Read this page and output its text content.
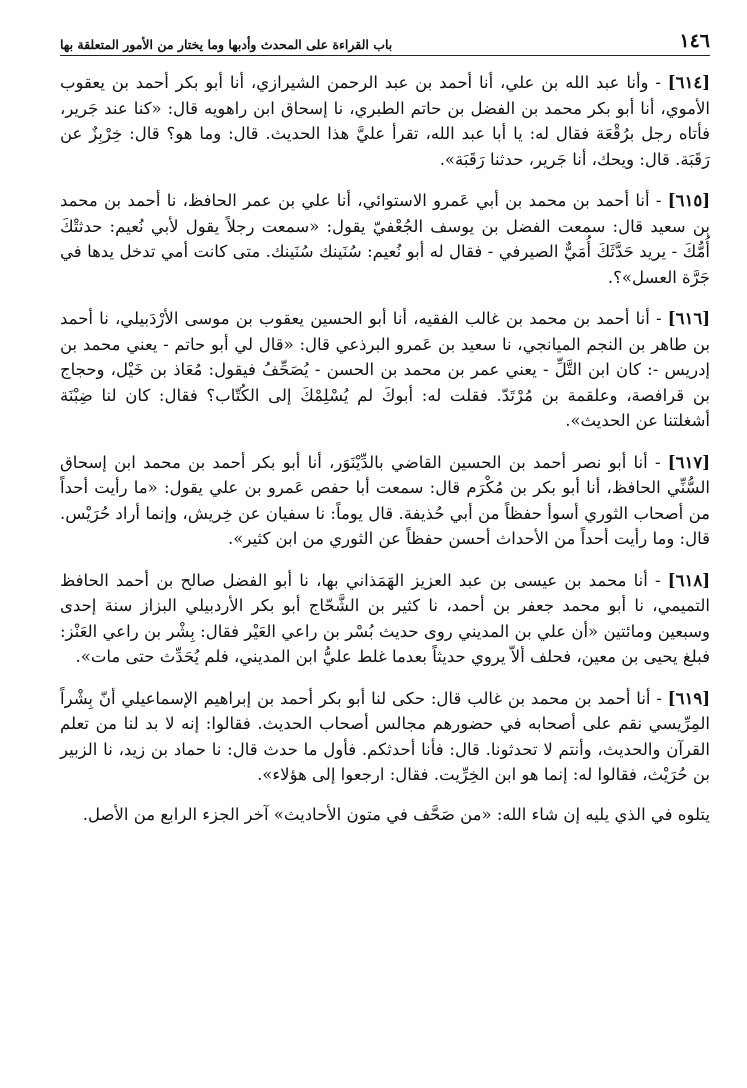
١٤٦
باب القراءة على المحدث وأدبها وما يختار من الأمور المتعلقة بها

[٦١٤] - وأنا عبد الله بن علي، أنا أحمد بن عبد الرحمن الشيرازي، أنا أبو بكر أحمد بن يعقوب الأموي، أنا أبو بكر محمد بن الفضل بن حاتم الطبري، نا إسحاق ابن راهويه قال: «كنا عند جَرير، فأتاه رجل برُقْعَة فقال له: يا أبا عبد الله، تقرأ عليَّ هذا الحديث. قال: وما هو؟ قال: خِرْبِزٌ عن رَقَبَة. قال: ويحك، أنا جَرير، حدثنا رَقَبَة».

[٦١٥] - أنا أحمد بن محمد بن أبي عَمرو الاستوائي، أنا علي بن عمر الحافظ، نا أحمد بن محمد بن سعيد قال: سمعت الفضل بن يوسف الجُعْفيّ يقول: «سمعت رجلاً يقول لأبي نُعيم: حدثتْكَ أُمُّكَ - يريد حَدَّثَكَ أُمَيٌّ الصيرفي - فقال له أبو نُعيم: سُنَينك سُنَينك. متى كانت أمي تدخل يدها في جَرَّة العسل»؟.

[٦١٦] - أنا أحمد بن محمد بن غالب الفقيه، أنا أبو الحسين يعقوب بن موسى الأرْدَبيلي، نا أحمد بن طاهر بن النجم الميانجي، نا سعيد بن عَمرو البرذعي قال: «قال لي أبو حاتم - يعني محمد بن إدريس -: كان ابن التَّلِّ - يعني عمر بن محمد بن الحسن - يُصَحِّفُ فيقول: مُعَاذ بن خَيْل، وحجاج بن قرافصة، وعلقمة بن مُرْتَدّ. فقلت له: أبوكَ لم يُسْلِمْكَ إلى الكُتّاب؟ فقال: كان لنا ضِبْنَة أشغلتنا عن الحديث».

[٦١٧] - أنا أبو نصر أحمد بن الحسين القاضي بالدِّيْنَوَر، أنا أبو بكر أحمد بن محمد ابن إسحاق السُّنِّي الحافظ، أنا أبو بكر بن مُكْرَم قال: سمعت أبا حفص عَمرو بن علي يقول: «ما رأيت أحداً من أصحاب الثوري أسوأ حفظاً من أبي حُذيفة. قال يوماً: نا سفيان عن خِريش، وإنما أراد حُرَيْس. قال: وما رأيت أحداً من الأحداث أحسن حفظاً عن الثوري من ابن كثير».

[٦١٨] - أنا محمد بن عيسى بن عبد العزيز الهَمَذاني بها، نا أبو الفضل صالح بن أحمد الحافظ التميمي، نا أبو محمد جعفر بن أحمد، نا كثير بن الشَّحّاج أبو بكر الأردبيلي البزاز سنة إحدى وسبعين ومائتين «أن علي بن المديني روى حديث بُسْر بن راعي العَيْر فقال: بِشْر بن راعي العَنْز: فبلغ يحيى بن معين، فحلف ألاّ يروي حديثاً بعدما غلط عليُّ ابن المديني، فلم يُحَدِّث حتى مات».

[٦١٩] - أنا أحمد بن محمد بن غالب قال: حكى لنا أبو بكر أحمد بن إبراهيم الإسماعيلي أنّ بِشْراً المِرِّيسي نقم على أصحابه في حضورهم مجالس أصحاب الحديث. فقالوا: إنه لا بد لنا من تعلم القرآن والحديث، وأنتم لا تحدثونا. قال: فأنا أحدثكم. فأول ما حدث قال: نا حماد بن زيد، نا الزبير بن حُرَيْث، فقالوا له: إنما هو ابن الخِرِّيت. فقال: ارجعوا إلى هؤلاء».

يتلوه في الذي يليه إن شاء الله: «من صَحَّف في متون الأحاديث» آخر الجزء الرابع من الأصل.
